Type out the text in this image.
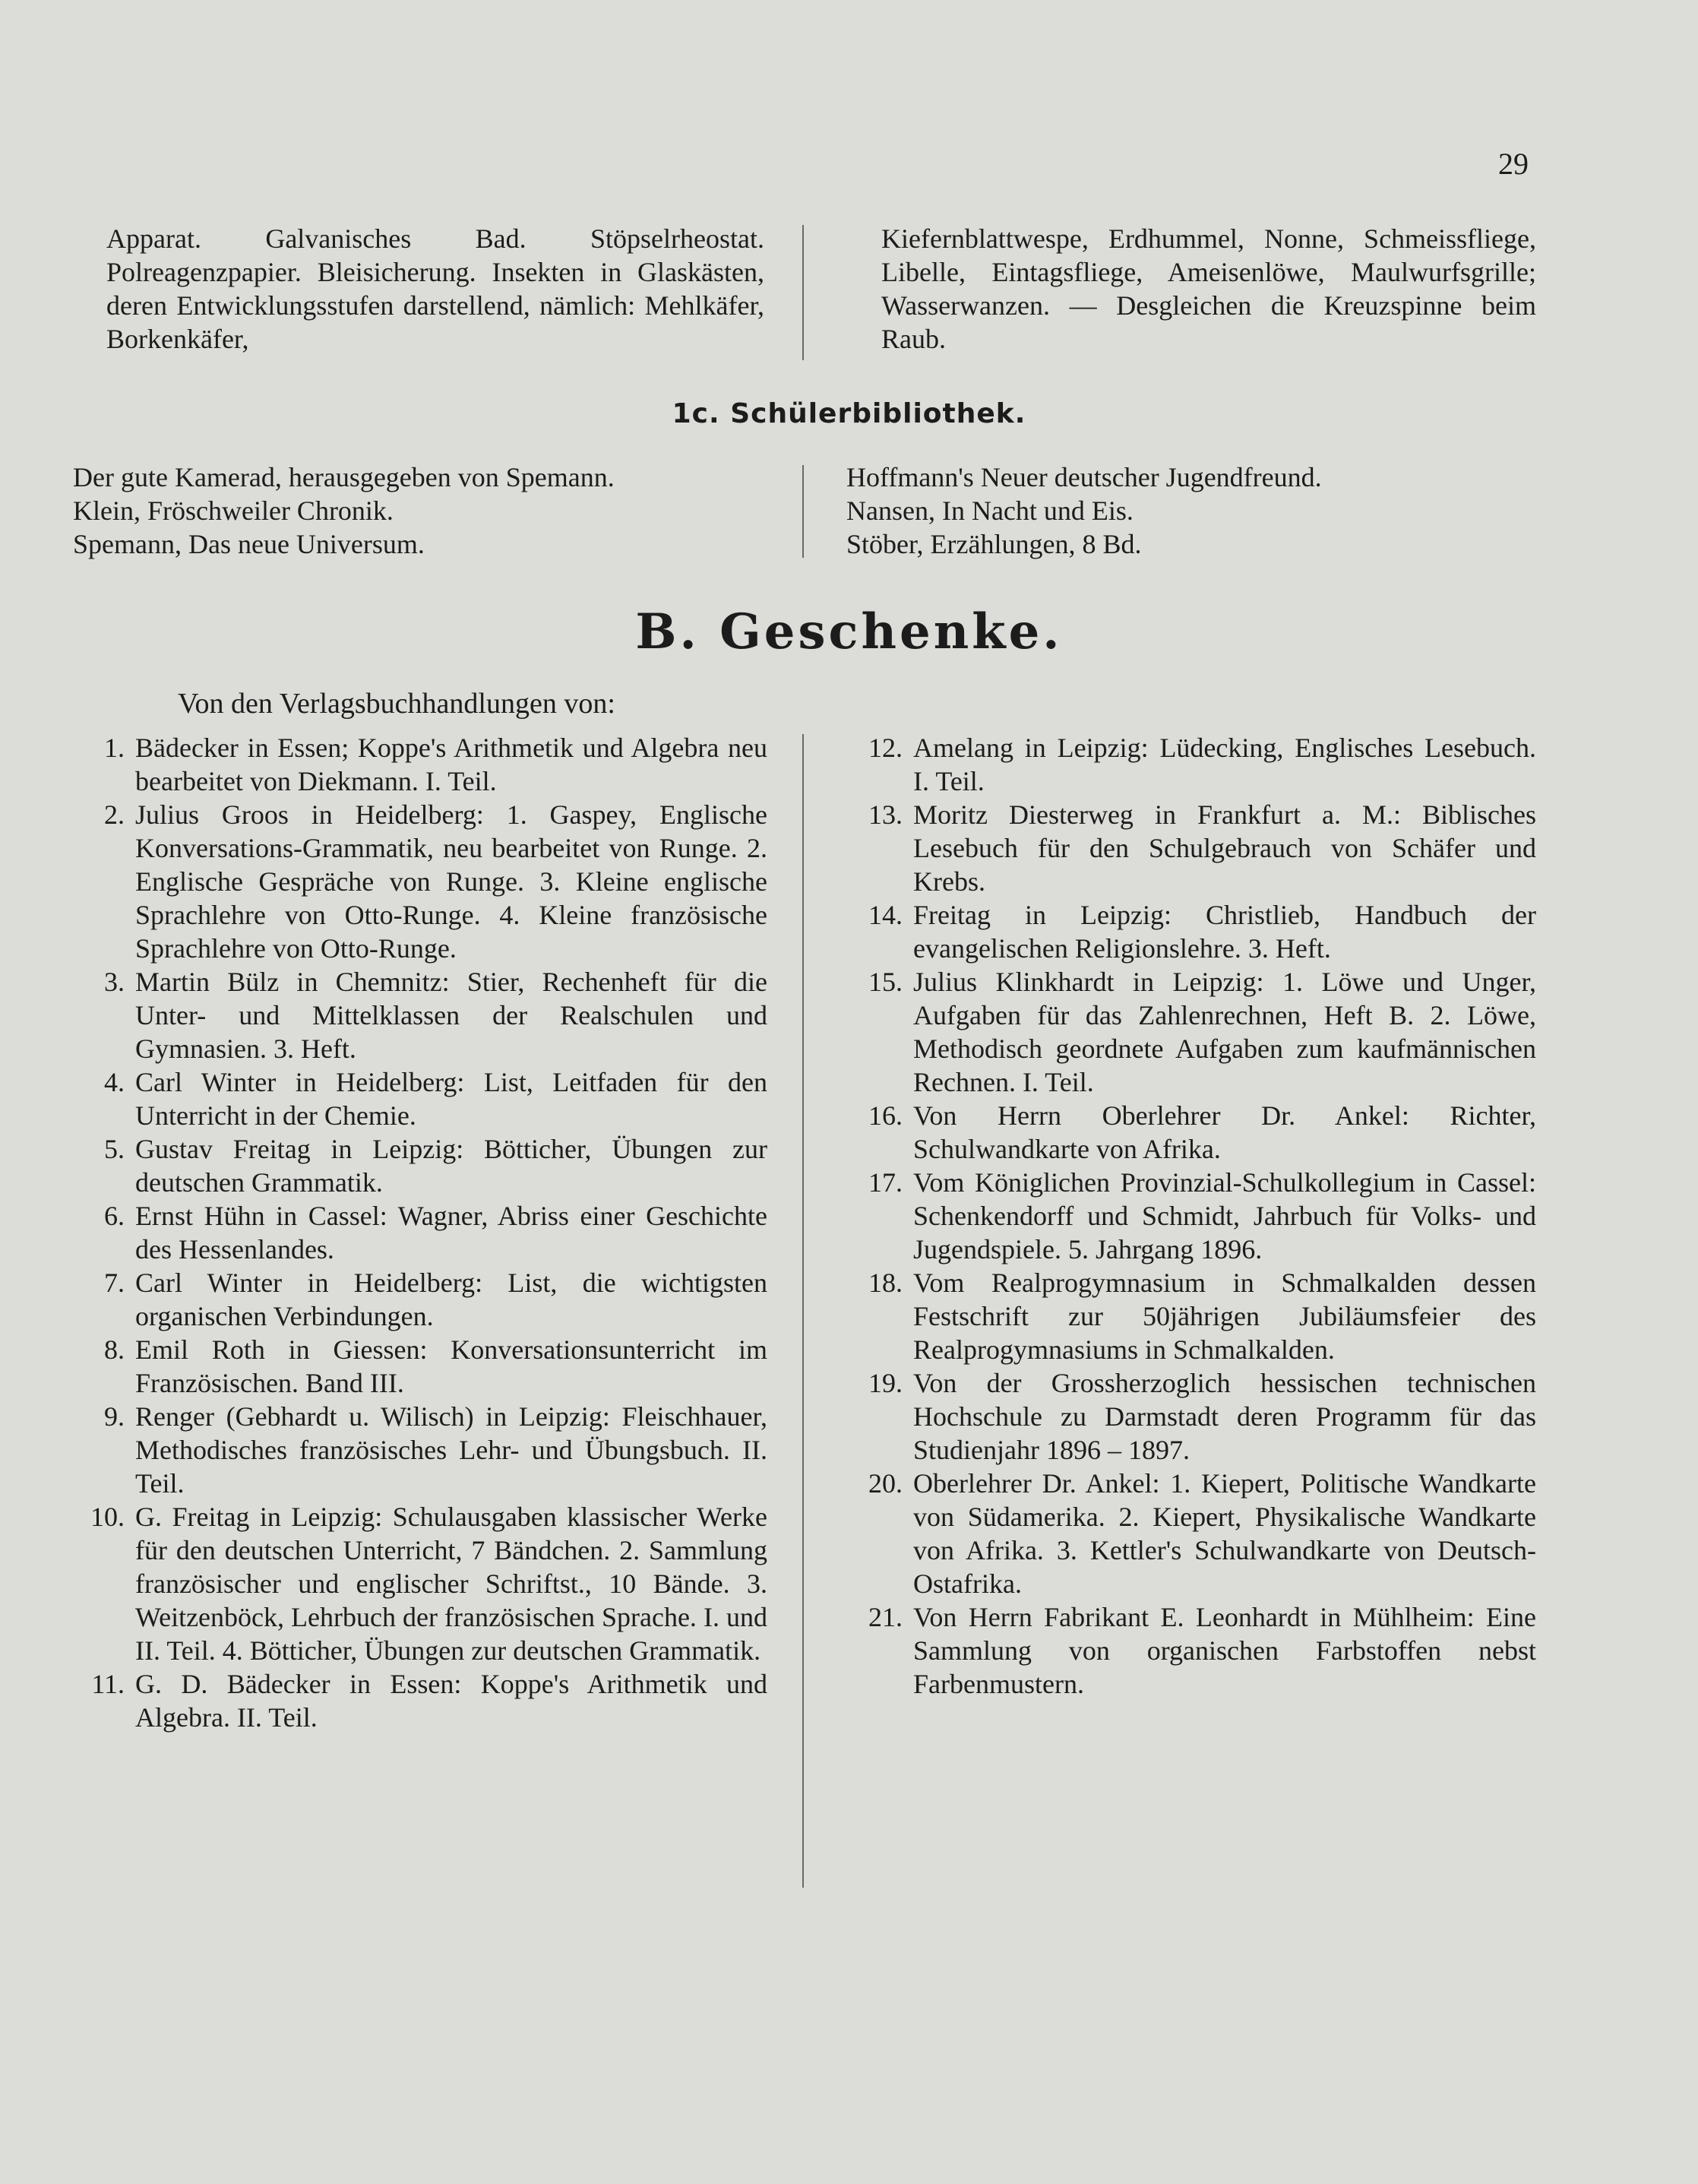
29
Apparat. Galvanisches Bad. Stöpselrheostat. Polreagenzpapier. Bleisicherung. Insekten in Glaskästen, deren Entwicklungsstufen darstellend, nämlich: Mehlkäfer, Borkenkäfer,
Kiefernblattwespe, Erdhummel, Nonne, Schmeissfliege, Libelle, Eintagsfliege, Ameisenlöwe, Maulwurfsgrille; Wasserwanzen. — Desgleichen die Kreuzspinne beim Raub.
1c. Schülerbibliothek.
Der gute Kamerad, herausgegeben von Spemann.
Klein, Fröschweiler Chronik.
Spemann, Das neue Universum.
Hoffmann's Neuer deutscher Jugendfreund.
Nansen, In Nacht und Eis.
Stöber, Erzählungen, 8 Bd.
B. Geschenke.
Von den Verlagsbuchhandlungen von:
1. Bädecker in Essen; Koppe's Arithmetik und Algebra neu bearbeitet von Diekmann. I. Teil.
2. Julius Groos in Heidelberg: 1. Gaspey, Englische Konversations-Grammatik, neu bearbeitet von Runge. 2. Englische Gespräche von Runge. 3. Kleine englische Sprachlehre von Otto-Runge. 4. Kleine französische Sprachlehre von Otto-Runge.
3. Martin Bülz in Chemnitz: Stier, Rechenheft für die Unter- und Mittelklassen der Realschulen und Gymnasien. 3. Heft.
4. Carl Winter in Heidelberg: List, Leitfaden für den Unterricht in der Chemie.
5. Gustav Freitag in Leipzig: Bötticher, Übungen zur deutschen Grammatik.
6. Ernst Hühn in Cassel: Wagner, Abriss einer Geschichte des Hessenlandes.
7. Carl Winter in Heidelberg: List, die wichtigsten organischen Verbindungen.
8. Emil Roth in Giessen: Konversationsunterricht im Französischen. Band III.
9. Renger (Gebhardt u. Wilisch) in Leipzig: Fleischhauer, Methodisches französisches Lehr- und Übungsbuch. II. Teil.
10. G. Freitag in Leipzig: Schulausgaben klassischer Werke für den deutschen Unterricht, 7 Bändchen. 2. Sammlung französischer und englischer Schriftst., 10 Bände. 3. Weitzenböck, Lehrbuch der französischen Sprache. I. und II. Teil. 4. Bötticher, Übungen zur deutschen Grammatik.
11. G. D. Bädecker in Essen: Koppe's Arithmetik und Algebra. II. Teil.
12. Amelang in Leipzig: Lüdecking, Englisches Lesebuch. I. Teil.
13. Moritz Diesterweg in Frankfurt a. M.: Biblisches Lesebuch für den Schulgebrauch von Schäfer und Krebs.
14. Freitag in Leipzig: Christlieb, Handbuch der evangelischen Religionslehre. 3. Heft.
15. Julius Klinkhardt in Leipzig: 1. Löwe und Unger, Aufgaben für das Zahlenrechnen, Heft B. 2. Löwe, Methodisch geordnete Aufgaben zum kaufmännischen Rechnen. I. Teil.
16. Von Herrn Oberlehrer Dr. Ankel: Richter, Schulwandkarte von Afrika.
17. Vom Königlichen Provinzial-Schulkollegium in Cassel: Schenkendorff und Schmidt, Jahrbuch für Volks- und Jugendspiele. 5. Jahrgang 1896.
18. Vom Realprogymnasium in Schmalkalden dessen Festschrift zur 50jährigen Jubiläumsfeier des Realprogymnasiums in Schmalkalden.
19. Von der Grossherzoglich hessischen technischen Hochschule zu Darmstadt deren Programm für das Studienjahr 1896 – 1897.
20. Oberlehrer Dr. Ankel: 1. Kiepert, Politische Wandkarte von Südamerika. 2. Kiepert, Physikalische Wandkarte von Afrika. 3. Kettler's Schulwandkarte von Deutsch-Ostafrika.
21. Von Herrn Fabrikant E. Leonhardt in Mühlheim: Eine Sammlung von organischen Farbstoffen nebst Farbenmustern.
